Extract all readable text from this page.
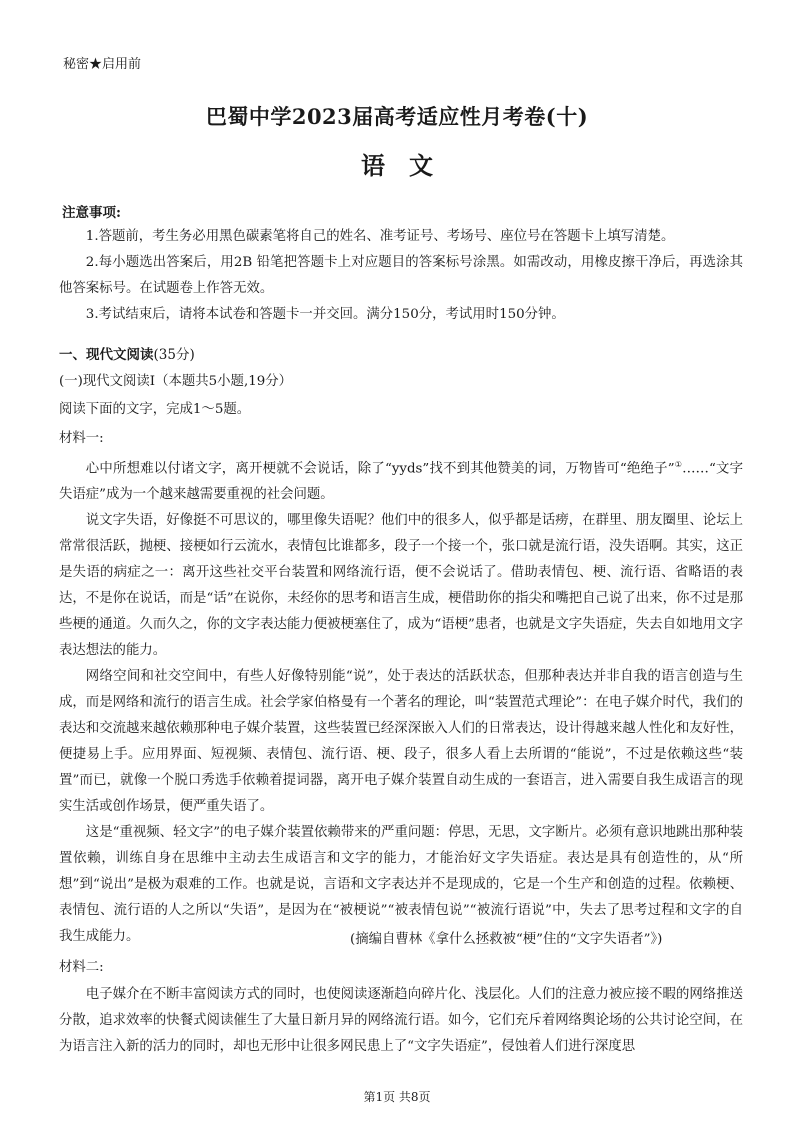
秘密★启用前
巴蜀中学2023届高考适应性月考卷(十)
语文
注意事项:

1.答题前，考生务必用黑色碳素笔将自己的姓名、准考证号、考场号、座位号在答题卡上填写清楚。

2.每小题选出答案后，用2B 铅笔把答题卡上对应题目的答案标号涂黑。如需改动，用橡皮擦干净后，再选涂其他答案标号。在试题卷上作答无效。

3.考试结束后，请将本试卷和答题卡一并交回。满分150分，考试用时150分钟。

一、现代文阅读(35分)
(一)现代文阅读Ⅰ（本题共5小题,19分）
阅读下面的文字，完成1～5题。
材料一:

心中所想难以付诸文字，离开梗就不会说话，除了“yyds”找不到其他赞美的词，万物皆可“绝绝子”①……“文字失语症”成为一个越来越需要重视的社会问题。

说文字失语，好像挺不可思议的，哪里像失语呢？他们中的很多人，似乎都是话痨，在群里、朋友圈里、论坛上常常很活跃，抛梗、接梗如行云流水，表情包比谁都多，段子一个接一个，张口就是流行语，没失语啊。其实，这正是失语的病症之一：离开这些社交平台装置和网络流行语，便不会说话了。借助表情包、梗、流行语、省略语的表达，不是你在说话，而是“话”在说你，未经你的思考和语言生成，梗借助你的指尖和嘴把自己说了出来，你不过是那些梗的通道。久而久之，你的文字表达能力便被梗塞住了，成为“语梗”患者，也就是文字失语症，失去自如地用文字表达想法的能力。

网络空间和社交空间中，有些人好像特别能“说”，处于表达的活跃状态，但那种表达并非自我的语言创造与生成，而是网络和流行的语言生成。社会学家伯格曼有一个著名的理论，叫“装置范式理论”：在电子媒介时代，我们的表达和交流越来越依赖那种电子媒介装置，这些装置已经深深嵌入人们的日常表达，设计得越来越人性化和友好性，便捷易上手。应用界面、短视频、表情包、流行语、梗、段子，很多人看上去所谓的“能说”，不过是依赖这些“装置”而已，就像一个脱口秀选手依赖着提词器，离开电子媒介装置自动生成的一套语言，进入需要自我生成语言的现实生活或创作场景，便严重失语了。

这是“重视频、轻文字”的电子媒介装置依赖带来的严重问题：停思，无思，文字断片。必须有意识地跳出那种装置依赖，训练自身在思维中主动去生成语言和文字的能力，才能治好文字失语症。表达是具有创造性的，从“所想”到“说出”是极为艰难的工作。也就是说，言语和文字表达并不是现成的，它是一个生产和创造的过程。依赖梗、表情包、流行语的人之所以“失语”，是因为在“被梗说”“被表情包说”“被流行语说”中，失去了思考过程和文字的自我生成能力。	(摘编自曹林《拿什么拯救被“梗”住的“文字失语者”》)
材料二:

电子媒介在不断丰富阅读方式的同时，也使阅读逐渐趋向碎片化、浅层化。人们的注意力被应接不暇的网络推送分散，追求效率的快餐式阅读催生了大量日新月异的网络流行语。如今，它们充斥着网络舆论场的公共讨论空间，在为语言注入新的活力的同时，却也无形中让很多网民患上了“文字失语症”，侵蚀着人们进行深度思

第1页 共8页
